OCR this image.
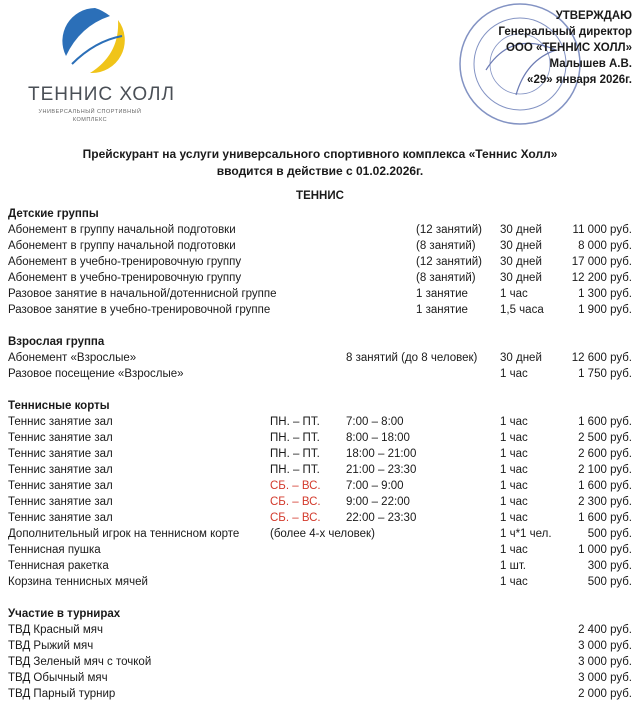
ТЕННИС ХОЛЛ
УНИВЕРСАЛЬНЫЙ СПОРТИВНЫЙ
КОМПЛЕКС
УТВЕРЖДАЮ
Генеральный директор
ООО «ТЕННИС ХОЛЛ»
Малышев А.В.
«29» января 2026г.
Прейскурант на услуги универсального спортивного комплекса «Теннис Холл»
вводится в действие с 01.02.2026г.
ТЕННИС
Детские группы
Абонемент в группу начальной подготовки	(12 занятий) 30 дней	11 000 руб.
Абонемент в группу начальной подготовки	(8 занятий) 30 дней	8 000 руб.
Абонемент в учебно-тренировочную группу	(12 занятий) 30 дней	17 000 руб.
Абонемент в учебно-тренировочную группу	(8 занятий) 30 дней	12 200 руб.
Разовое занятие в начальной/дотеннисной группе	1 занятие	1 час	1 300 руб.
Разовое занятие в учебно-тренировочной группе	1 занятие	1,5 часа	1 900 руб.
Взрослая группа
Абонемент «Взрослые»	8 занятий (до 8 человек) 30 дней	12 600 руб.
Разовое посещение «Взрослые»	1 час	1 750 руб.
Теннисные корты
Теннис занятие зал	ПН. – ПТ. 7:00 – 8:00	1 час	1 600 руб.
Теннис занятие зал	ПН. – ПТ. 8:00 – 18:00	1 час	2 500 руб.
Теннис занятие зал	ПН. – ПТ. 18:00 – 21:00	1 час	2 600 руб.
Теннис занятие зал	ПН. – ПТ. 21:00 – 23:30	1 час	2 100 руб.
Теннис занятие зал	СБ. – ВС. 7:00 – 9:00	1 час	1 600 руб.
Теннис занятие зал	СБ. – ВС. 9:00 – 22:00	1 час	2 300 руб.
Теннис занятие зал	СБ. – ВС. 22:00 – 23:30	1 час	1 600 руб.
Дополнительный игрок на теннисном корте	(более 4-х человек)	1 ч*1 чел.	500 руб.
Теннисная пушка	1 час	1 000 руб.
Теннисная ракетка	1 шт.	300 руб.
Корзина теннисных мячей	1 час	500 руб.
Участие в турнирах
ТВД Красный мяч	2 400 руб.
ТВД Рыжий мяч	3 000 руб.
ТВД Зеленый мяч с точкой	3 000 руб.
ТВД Обычный мяч	3 000 руб.
ТВД Парный турнир	2 000 руб.
